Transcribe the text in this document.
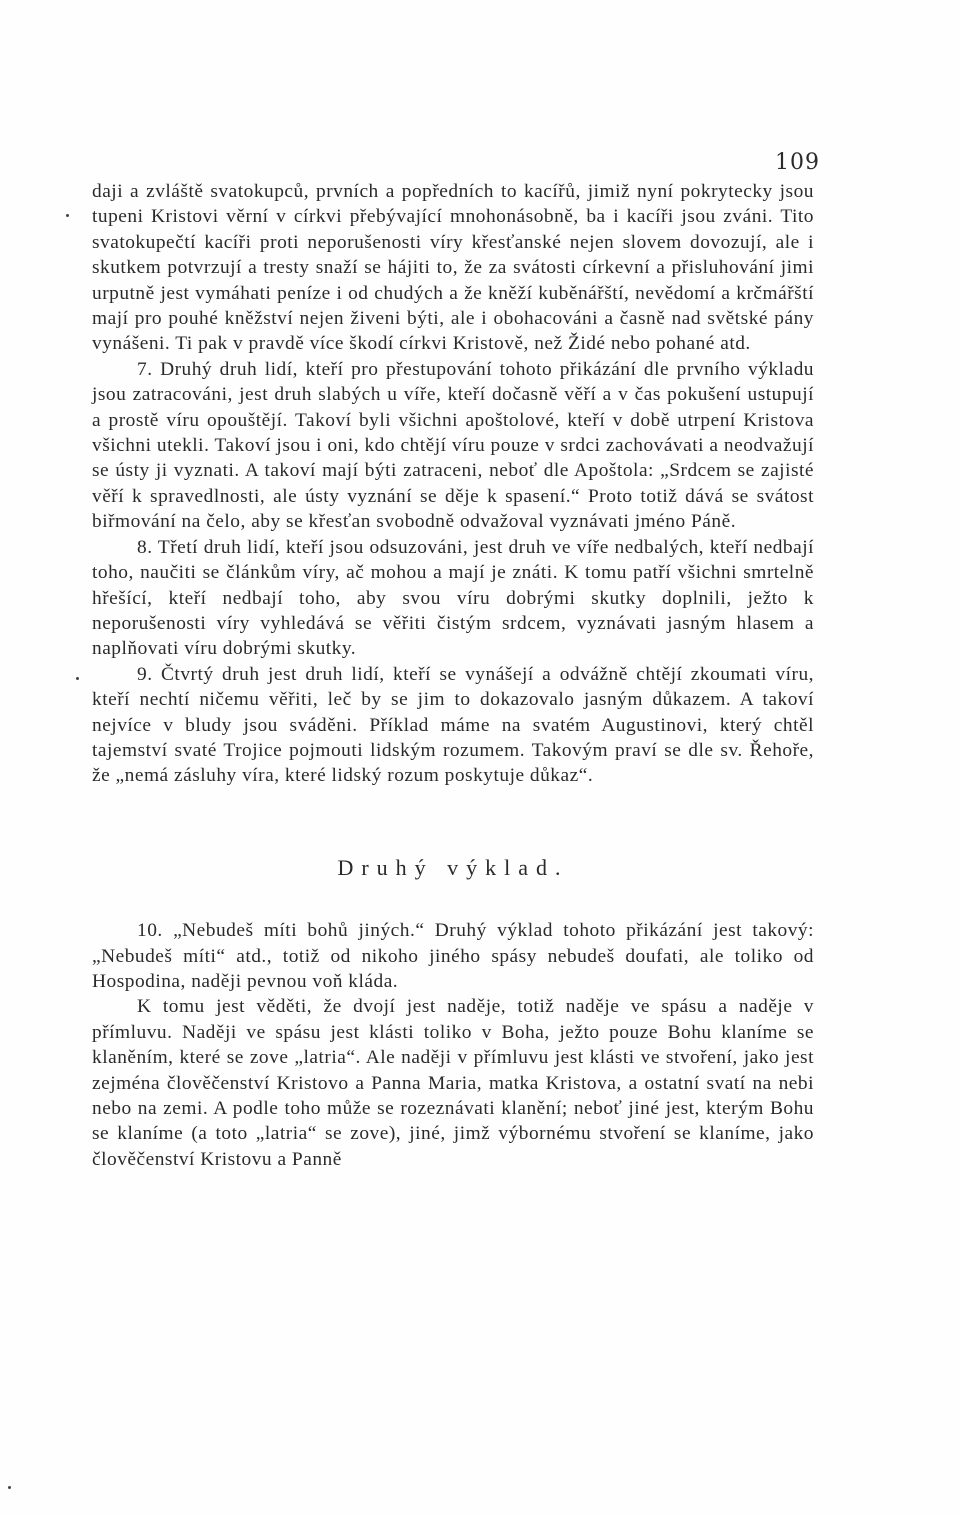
109

daji a zvláště svatokupců, prvních a popředních to kacířů, jimiž nyní pokrytecky jsou tupeni Kristovi věrní v církvi přebývající mnohonásobně, ba i kacíři jsou zváni. Tito svatokupečtí kacíři proti neporušenosti víry křesťanské nejen slovem dovozují, ale i skutkem potvrzují a tresty snaží se hájiti to, že za svátosti církevní a přisluhování jimi urputně jest vymáhati peníze i od chudých a že kněží kuběnářští, nevědomí a krčmářští mají pro pouhé kněžství nejen živeni býti, ale i obohacováni a časně nad světské pány vynášeni. Ti pak v pravdě více škodí církvi Kristově, než Židé nebo pohané atd.

7. Druhý druh lidí, kteří pro přestupování tohoto přikázání dle prvního výkladu jsou zatracováni, jest druh slabých u víře, kteří dočasně věří a v čas pokušení ustupují a prostě víru opouštějí. Takoví byli všichni apoštolové, kteří v době utrpení Kristova všichni utekli. Takoví jsou i oni, kdo chtějí víru pouze v srdci zachovávati a neodvažují se ústy ji vyznati. A takoví mají býti zatraceni, neboť dle Apoštola: „Srdcem se zajisté věří k spravedlnosti, ale ústy vyznání se děje k spasení.“ Proto totiž dává se svátost biřmování na čelo, aby se křesťan svobodně odvažoval vyznávati jméno Páně.

8. Třetí druh lidí, kteří jsou odsuzováni, jest druh ve víře nedbalých, kteří nedbají toho, naučiti se článkům víry, ač mohou a mají je znáti. K tomu patří všichni smrtelně hřešící, kteří nedbají toho, aby svou víru dobrými skutky doplnili, ježto k neporušenosti víry vyhledává se věřiti čistým srdcem, vyznávati jasným hlasem a naplňovati víru dobrými skutky.

9. Čtvrtý druh jest druh lidí, kteří se vynášejí a odvážně chtějí zkoumati víru, kteří nechtí ničemu věřiti, leč by se jim to dokazovalo jasným důkazem. A takoví nejvíce v bludy jsou sváděni. Příklad máme na svatém Augustinovi, který chtěl tajemství svaté Trojice pojmouti lidským rozumem. Takovým praví se dle sv. Řehoře, že „nemá zásluhy víra, které lidský rozum poskytuje důkaz“.

Druhý výklad.

10. „Nebudeš míti bohů jiných.“ Druhý výklad tohoto přikázání jest takový: „Nebudeš míti“ atd., totiž od nikoho jiného spásy nebudeš doufati, ale toliko od Hospodina, naději pevnou voň kláda.

K tomu jest věděti, že dvojí jest naděje, totiž naděje ve spásu a naděje v přímluvu. Naději ve spásu jest klásti toliko v Boha, ježto pouze Bohu klaníme se klaněním, které se zove „latria“. Ale naději v přímluvu jest klásti ve stvoření, jako jest zejména člověčenství Kristovo a Panna Maria, matka Kristova, a ostatní svatí na nebi nebo na zemi. A podle toho může se rozeznávati klanění; neboť jiné jest, kterým Bohu se klaníme (a toto „latria“ se zove), jiné, jimž výbornému stvoření se klaníme, jako člověčenství Kristovu a Panně
